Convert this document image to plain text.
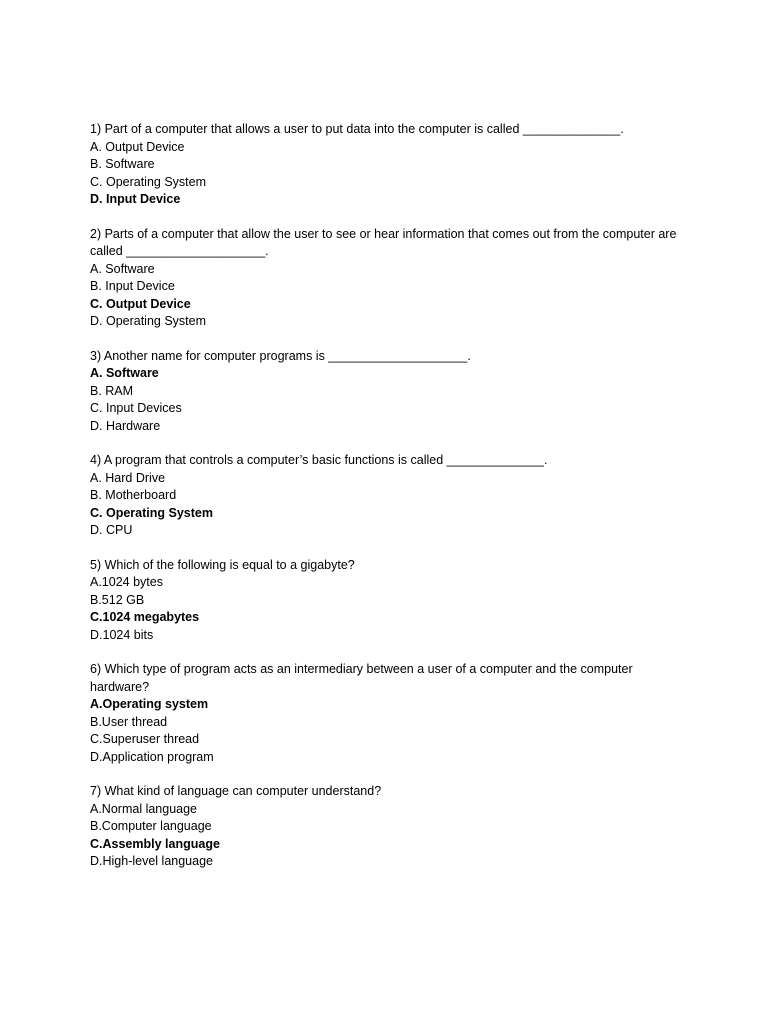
1) Part of a computer that allows a user to put data into the computer is called ______________.
A. Output Device
B. Software
C. Operating System
D. Input Device
2) Parts of a computer that allow the user to see or hear information that comes out from the computer are called ____________________.
A. Software
B. Input Device
C. Output Device
D. Operating System
3) Another name for computer programs is ____________________.
A. Software
B. RAM
C. Input Devices
D. Hardware
4) A program that controls a computer’s basic functions is called ______________.
A. Hard Drive
B. Motherboard
C. Operating System
D. CPU
5) Which of the following is equal to a gigabyte?
A.1024 bytes
B.512 GB
C.1024 megabytes
D.1024 bits
6) Which type of program acts as an intermediary between a user of a computer and the computer hardware?
A.Operating system
B.User thread
C.Superuser thread
D.Application program
7) What kind of language can computer understand?
A.Normal language
B.Computer language
C.Assembly language
D.High-level language
